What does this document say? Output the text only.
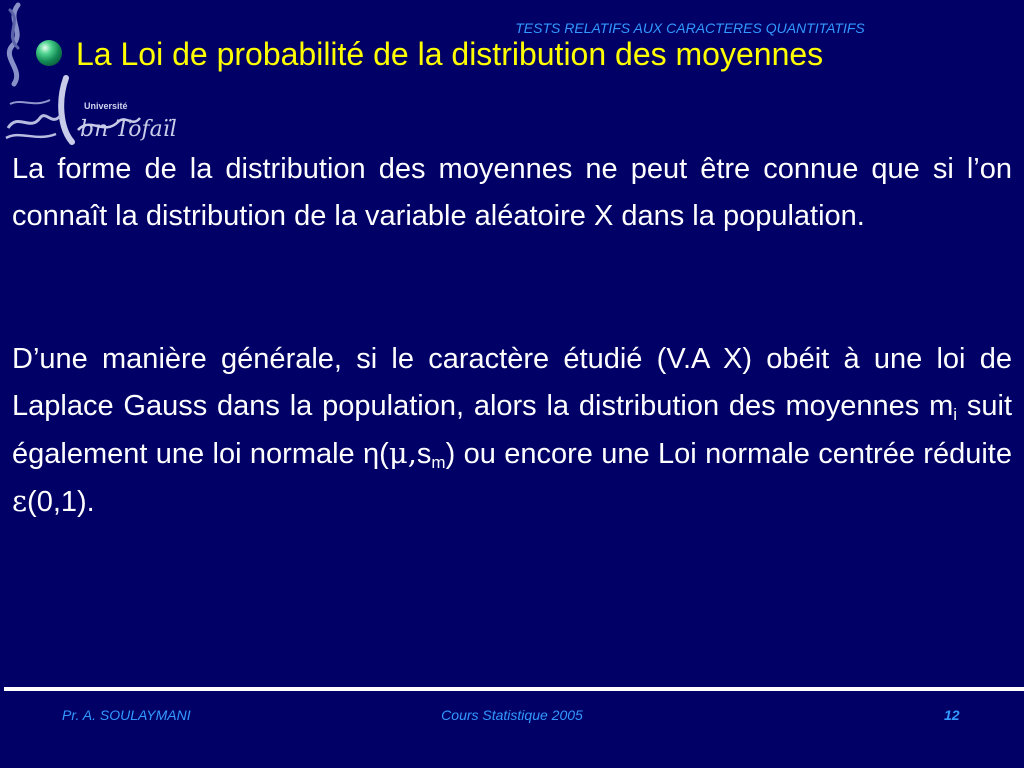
TESTS RELATIFS AUX CARACTERES QUANTITATIFS
bn Tofaïl
Université
La Loi de probabilité de la distribution des moyennes

La forme de la distribution des moyennes ne peut être connue que si l’on connaît la distribution de la variable aléatoire X dans la population.

D’une manière générale, si le caractère étudié (V.A X) obéit à une loi de Laplace Gauss dans la population, alors la distribution des moyennes $m_i$ suit également une loi normale $\eta(\mu,s_m)$ ou encore une Loi normale centrée réduite ε(0,1).

Pr. A. SOULAYMANI	Cours Statistique 2005	12
